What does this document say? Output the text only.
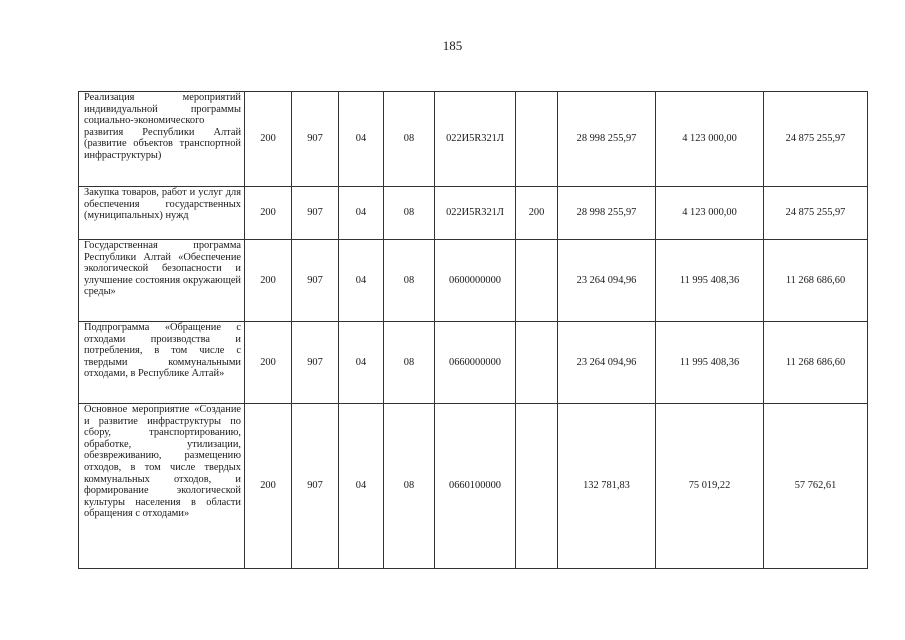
185
Реализация мероприятий индивидуальной программы социально-экономического развития Республики Алтай (развитие объектов транспортной инфраструктуры)	200	907	04	08	022И5R321Л		28 998 255,97	4 123 000,00	24 875 255,97
Закупка товаров, работ и услуг для обеспечения государственных (муниципальных) нужд	200	907	04	08	022И5R321Л	200	28 998 255,97	4 123 000,00	24 875 255,97
Государственная программа Республики Алтай «Обеспечение экологической безопасности и улучшение состояния окружающей среды»	200	907	04	08	0600000000		23 264 094,96	11 995 408,36	11 268 686,60
Подпрограмма «Обращение с отходами производства и потребления, в том числе с твердыми коммунальными отходами, в Республике Алтай»	200	907	04	08	0660000000		23 264 094,96	11 995 408,36	11 268 686,60
Основное мероприятие «Создание и развитие инфраструктуры по сбору, транспортированию, обработке, утилизации, обезвреживанию, размещению отходов, в том числе твердых коммунальных отходов, и формирование экологической культуры населения в области обращения с отходами»	200	907	04	08	0660100000		132 781,83	75 019,22	57 762,61
